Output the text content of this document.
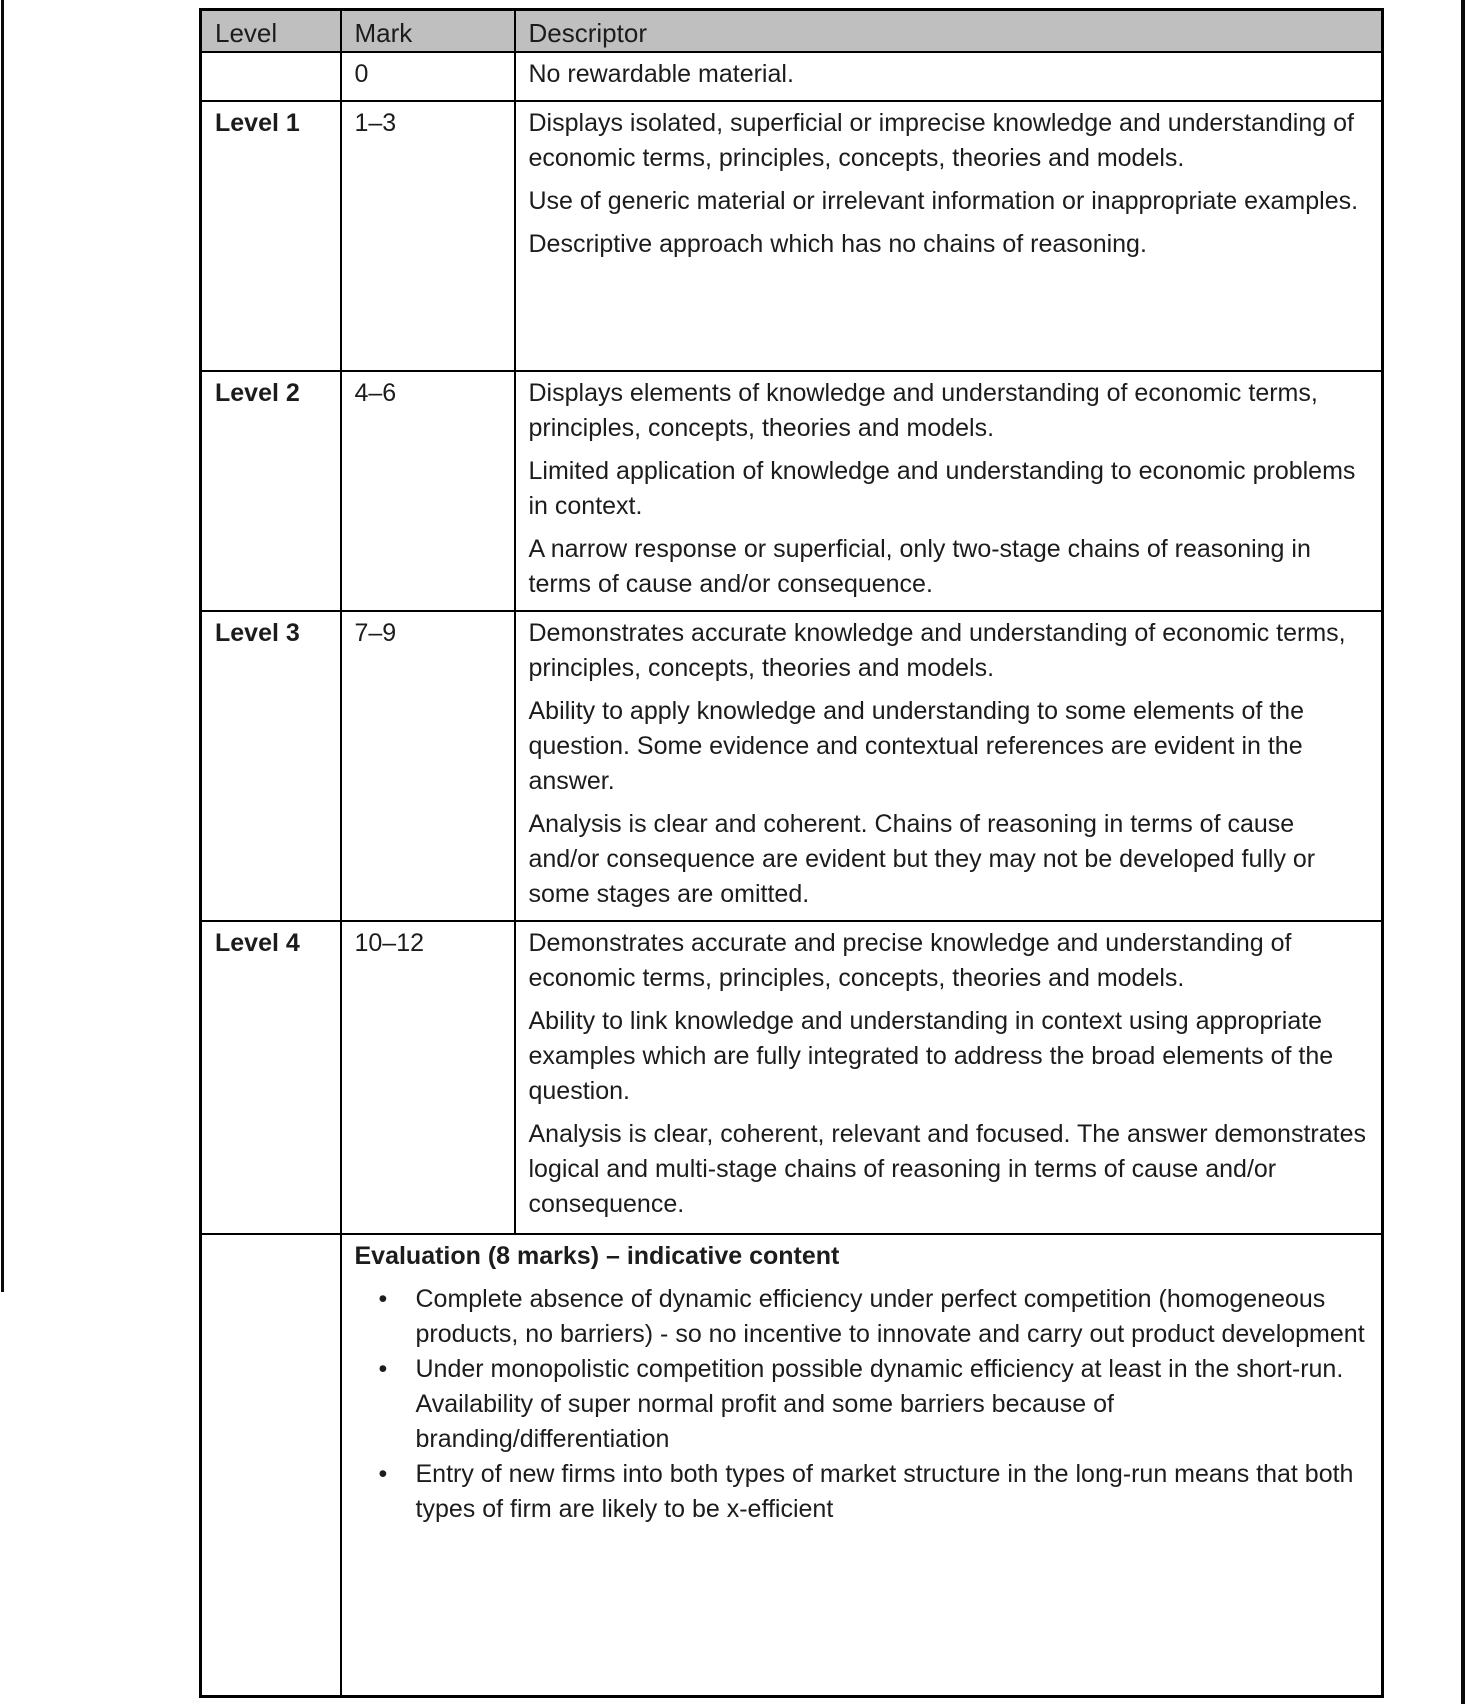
Level	Mark	Descriptor
	0	No rewardable material.

Level 1	1–3	Displays isolated, superficial or imprecise knowledge and understanding of economic terms, principles, concepts, theories and models.

Use of generic material or irrelevant information or inappropriate examples.

Descriptive approach which has no chains of reasoning.

Level 2	4–6	Displays elements of knowledge and understanding of economic terms, principles, concepts, theories and models.

Limited application of knowledge and understanding to economic problems in context.

A narrow response or superficial, only two-stage chains of reasoning in terms of cause and/or consequence.

Level 3	7–9	Demonstrates accurate knowledge and understanding of economic terms, principles, concepts, theories and models.

Ability to apply knowledge and understanding to some elements of the question. Some evidence and contextual references are evident in the answer.

Analysis is clear and coherent. Chains of reasoning in terms of cause and/or consequence are evident but they may not be developed fully or some stages are omitted.

Level 4	10–12	Demonstrates accurate and precise knowledge and understanding of economic terms, principles, concepts, theories and models.

Ability to link knowledge and understanding in context using appropriate examples which are fully integrated to address the broad elements of the question.

Analysis is clear, coherent, relevant and focused. The answer demonstrates logical and multi-stage chains of reasoning in terms of cause and/or consequence.

Evaluation (8 marks) – indicative content

•	Complete absence of dynamic efficiency under perfect competition (homogeneous products, no barriers) - so no incentive to innovate and carry out product development
•	Under monopolistic competition possible dynamic efficiency at least in the short-run. Availability of super normal profit and some barriers because of branding/differentiation
•	Entry of new firms into both types of market structure in the long-run means that both types of firm are likely to be x-efficient
